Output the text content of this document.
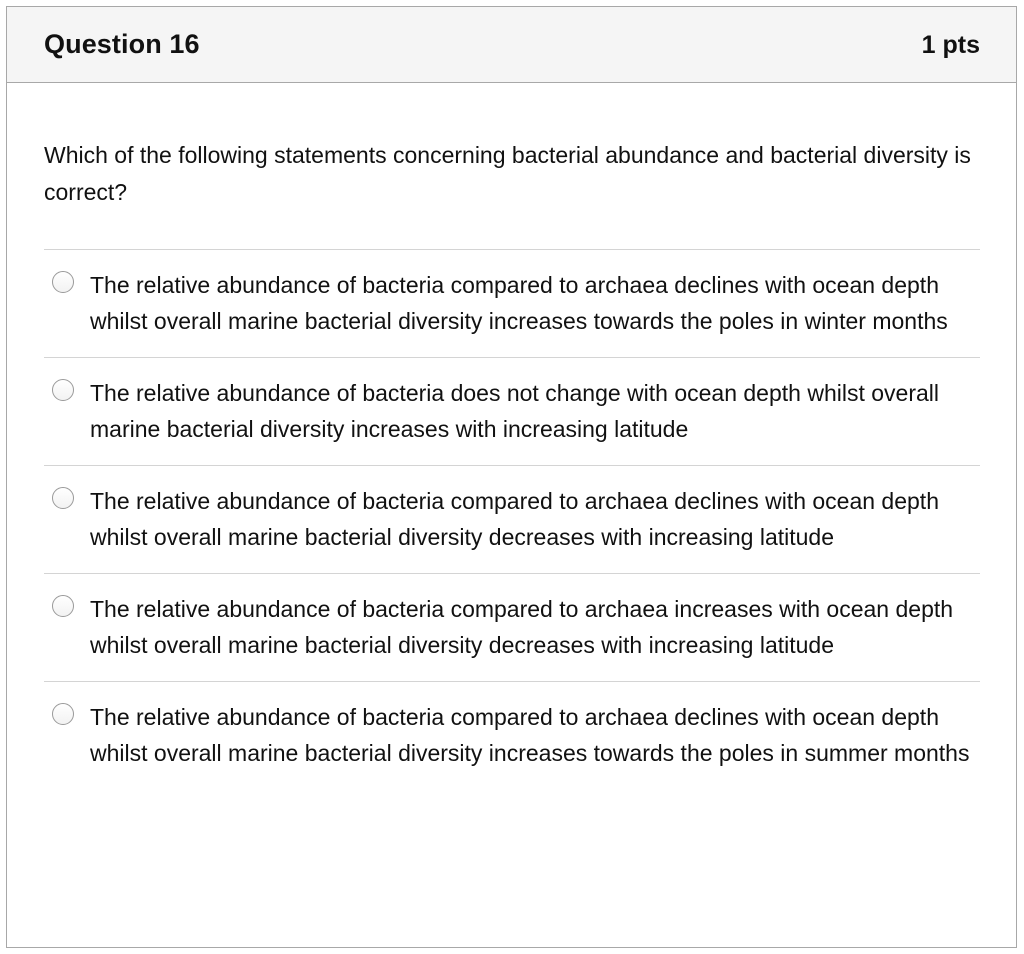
Question 16	1 pts
Which of the following statements concerning bacterial abundance and bacterial diversity is correct?
The relative abundance of bacteria compared to archaea declines with ocean depth whilst overall marine bacterial diversity increases towards the poles in winter months
The relative abundance of bacteria does not change with ocean depth whilst overall marine bacterial diversity increases with increasing latitude
The relative abundance of bacteria compared to archaea declines with ocean depth whilst overall marine bacterial diversity decreases with increasing latitude
The relative abundance of bacteria compared to archaea increases with ocean depth whilst overall marine bacterial diversity decreases with increasing latitude
The relative abundance of bacteria compared to archaea declines with ocean depth whilst overall marine bacterial diversity increases towards the poles in summer months
